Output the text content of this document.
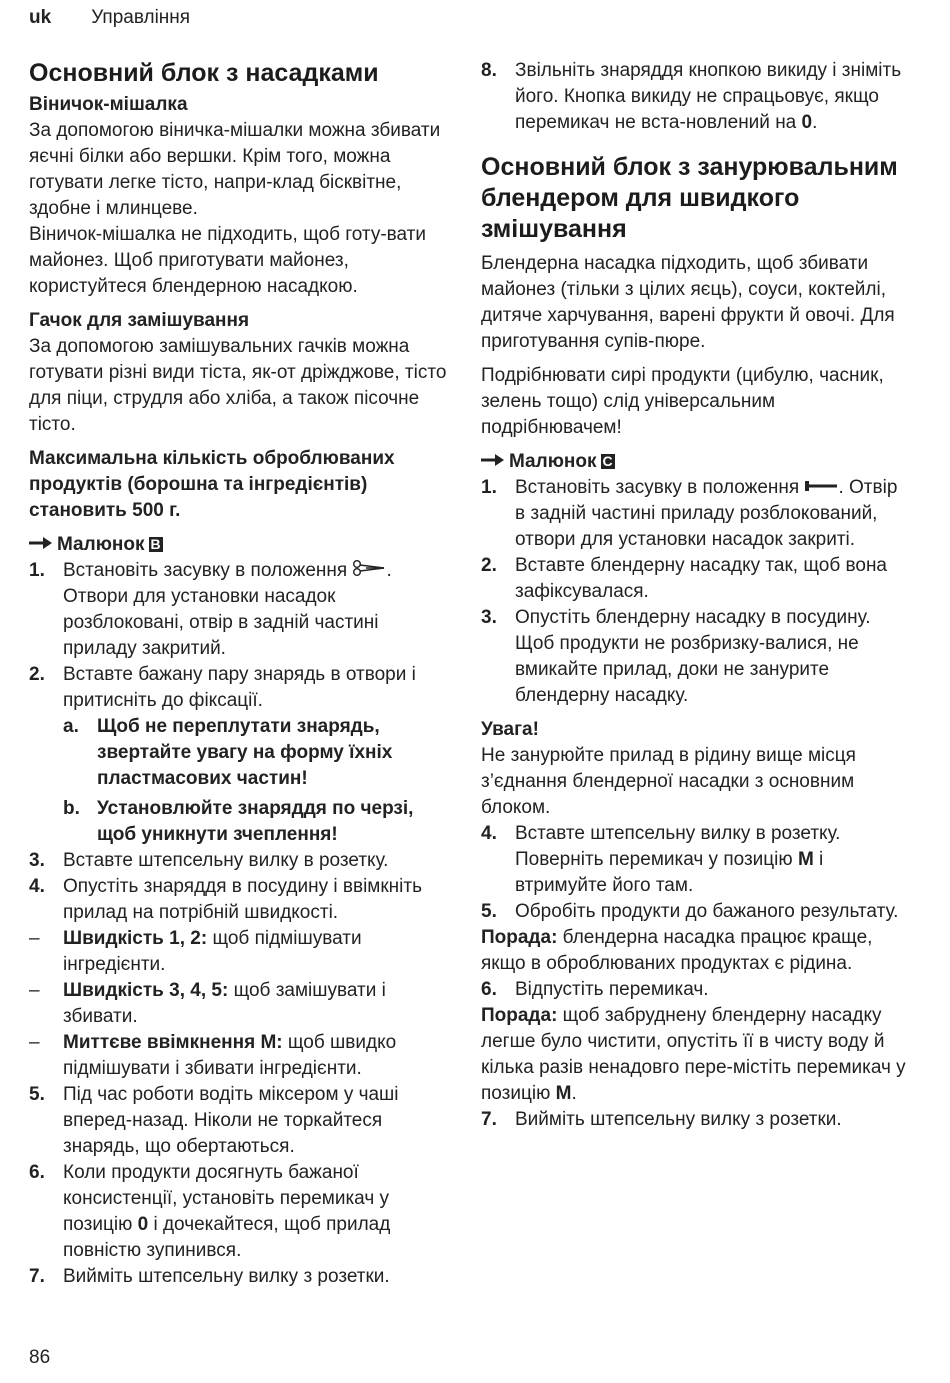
uk Управління
Основний блок з насадками

Віничок-мішалка

За допомогою віничка-мішалки можна збивати яєчні білки або вершки. Крім того, можна готувати легке тісто, напри-клад бісквітне, здобне і млинцеве.

Віничок-мішалка не підходить, щоб готу-вати майонез. Щоб приготувати майонез, користуйтеся блендерною насадкою.

Гачок для замішування

За допомогою замішувальних гачків можна готувати різні види тіста, як-от дріжджове, тісто для піци, струдля або хліба, а також пісочне тісто.

Максимальна кількість оброблюваних продуктів (борошна та інгредієнтів) становить 500 г.

Малюнок B

1. Встановіть засувку в положення . Отвори для установки насадок розблоковані, отвір в задній частині приладу закритий.
2. Вставте бажану пару знарядь в отвори і притисніть до фіксації.
a. Щоб не переплутати знарядь, звертайте увагу на форму їхніх пластмасових частин!
b. Установлюйте знаряддя по черзі, щоб уникнути зчеплення!
3. Вставте штепсельну вилку в розетку.
4. Опустіть знаряддя в посудину і ввімкніть прилад на потрібній швидкості.
– Швидкість 1, 2: щоб підмішувати інгредієнти.
– Швидкість 3, 4, 5: щоб замішувати і збивати.
– Миттєве ввімкнення M: щоб швидко підмішувати і збивати інгредієнти.
5. Під час роботи водіть міксером у чаші вперед-назад. Ніколи не торкайтеся знарядь, що обертаються.
6. Коли продукти досягнуть бажаної консистенції, установіть перемикач у позицію 0 і дочекайтеся, щоб прилад повністю зупинився.
7. Вийміть штепсельну вилку з розетки.
8. Звільніть знаряддя кнопкою викиду і зніміть його. Кнопка викиду не спрацьовує, якщо перемикач не вста-новлений на 0.
Основний блок з занурювальним блендером для швидкого змішування

Блендерна насадка підходить, щоб збивати майонез (тільки з цілих яєць), соуси, коктейлі, дитяче харчування, варені фрукти й овочі. Для приготування супів-пюре.

Подрібнювати сирі продукти (цибулю, часник, зелень тощо) слід універсальним подрібнювачем!

Малюнок C

1. Встановіть засувку в положення . Отвір в задній частині приладу розблокований, отвори для установки насадок закриті.
2. Вставте блендерну насадку так, щоб вона зафіксувалася.
3. Опустіть блендерну насадку в посудину. Щоб продукти не розбризку-валися, не вмикайте прилад, доки не занурите блендерну насадку.

Увага!

Не занурюйте прилад в рідину вище місця з’єднання блендерної насадки з основним блоком.

4. Вставте штепсельну вилку в розетку. Поверніть перемикач у позицію M і втримуйте його там.
5. Обробіть продукти до бажаного результату.

Порада: блендерна насадка працює краще, якщо в оброблюваних продуктах є рідина.

6. Відпустіть перемикач.

Порада: щоб забруднену блендерну насадку легше було чистити, опустіть її в чисту воду й кілька разів ненадовго пере-містіть перемикач у позицію M.

7. Вийміть штепсельну вилку з розетки.
86
